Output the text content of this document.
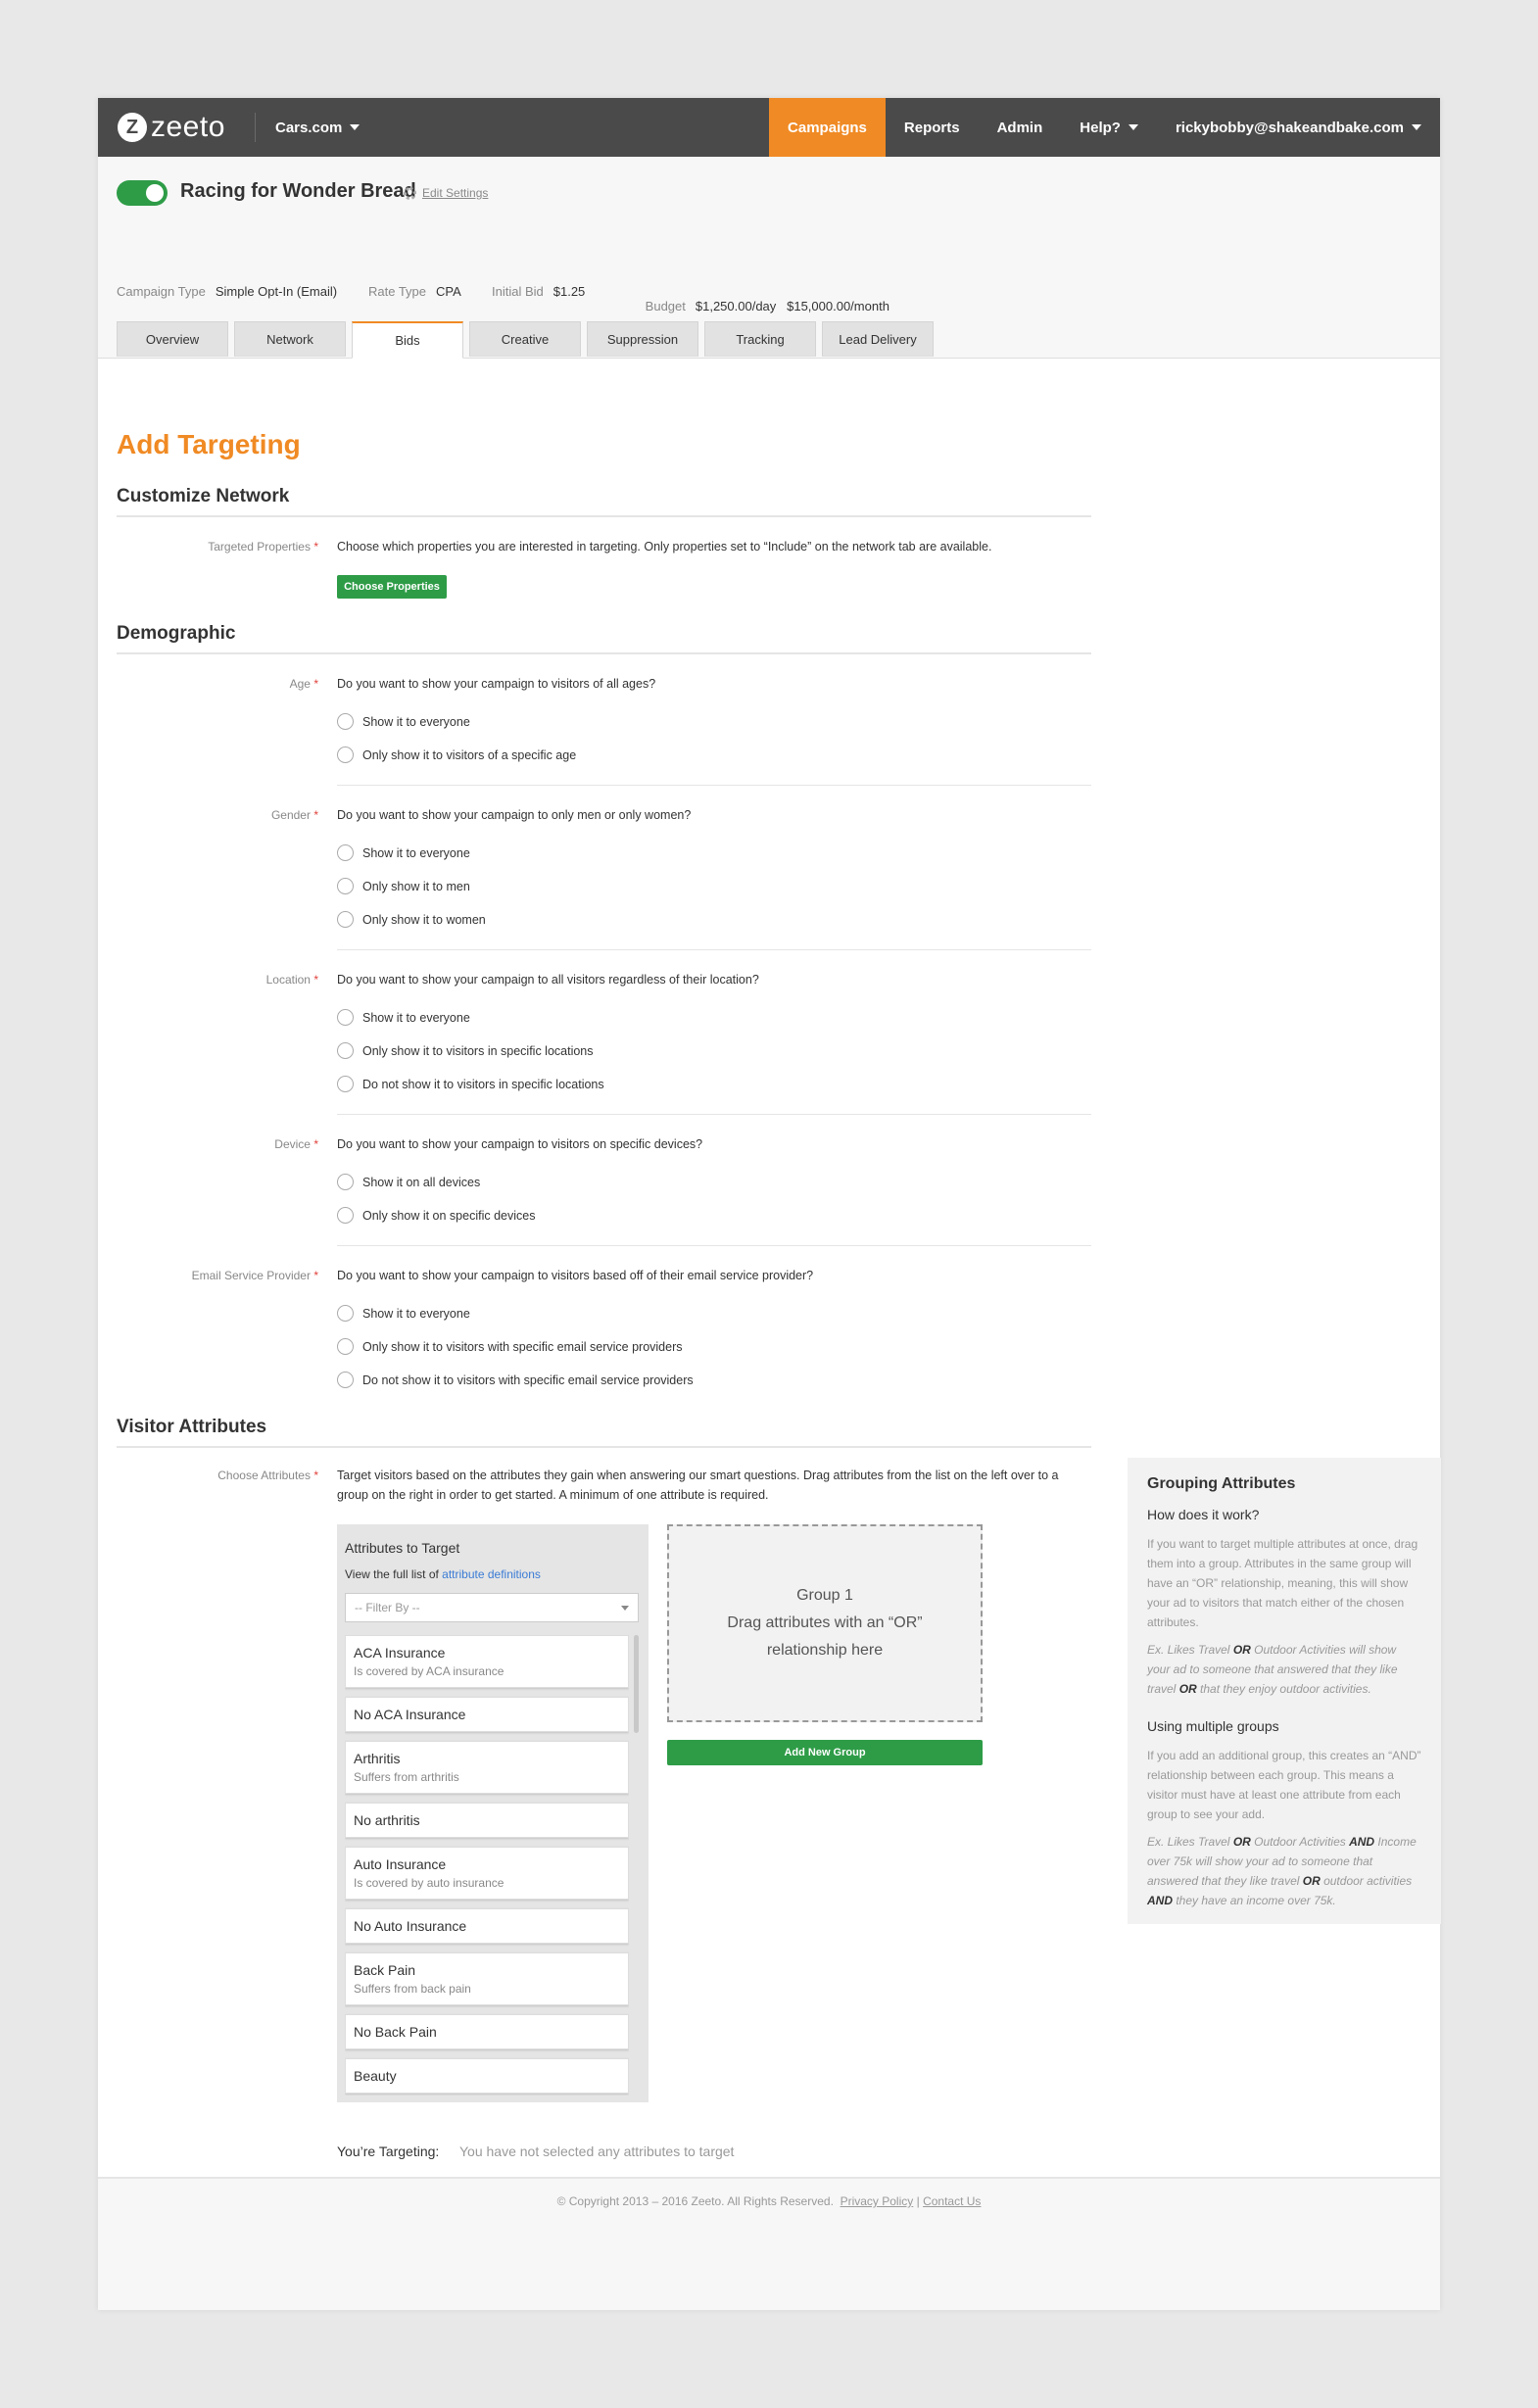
Z zeeto	Cars.com	Campaigns	Reports	Admin	Help?	rickybobby@shakeandbake.com
Racing for Wonder Bread Edit Settings
Campaign Type Simple Opt-In (Email) Rate Type CPA Initial Bid $1.25

Budget $1,250.00/day   $15,000.00/month

Overview	Network	Bids	Creative	Suppression	Tracking	Lead Delivery
Add Targeting
Customize Network
Targeted Properties * Choose which properties you are interested in targeting. Only properties set to “Include” on the network tab are available.
Choose Properties
Demographic
Age * Do you want to show your campaign to visitors of all ages?
Show it to everyone
Only show it to visitors of a specific age
Gender * Do you want to show your campaign to only men or only women?
Show it to everyone
Only show it to men
Only show it to women
Location * Do you want to show your campaign to all visitors regardless of their location?
Show it to everyone
Only show it to visitors in specific locations
Do not show it to visitors in specific locations
Device * Do you want to show your campaign to visitors on specific devices?
Show it on all devices
Only show it on specific devices
Email Service Provider * Do you want to show your campaign to visitors based off of their email service provider?
Show it to everyone
Only show it to visitors with specific email service providers
Do not show it to visitors with specific email service providers
Visitor Attributes
Choose Attributes * Target visitors based on the attributes they gain when answering our smart questions. Drag attributes from the list on the left over to a
group on the right in order to get started. A minimum of one attribute is required.
Attributes to Target
View the full list of attribute definitions
-- Filter By --
ACA Insurance
Is covered by ACA insurance
No ACA Insurance
Arthritis
Suffers from arthritis
No arthritis
Auto Insurance
Is covered by auto insurance
No Auto Insurance
Back Pain
Suffers from back pain
No Back Pain
Beauty
Group 1
Drag attributes with an “OR”
relationship here
Add New Group
Grouping Attributes
How does it work?
If you want to target multiple attributes at once, drag them into a group. Attributes in the same group will have an “OR” relationship, meaning, this will show your ad to visitors that match either of the chosen attributes.
Ex. Likes Travel OR Outdoor Activities will show your ad to someone that answered that they like travel OR that they enjoy outdoor activities.
Using multiple groups
If you add an additional group, this creates an “AND” relationship between each group. This means a visitor must have at least one attribute from each group to see your add.
Ex. Likes Travel OR Outdoor Activities AND Income over 75k will show your ad to someone that answered that they like travel OR outdoor activities AND they have an income over 75k.
You’re Targeting: You have not selected any attributes to target
© Copyright 2013 – 2016 Zeeto. All Rights Reserved. Privacy Policy | Contact Us
